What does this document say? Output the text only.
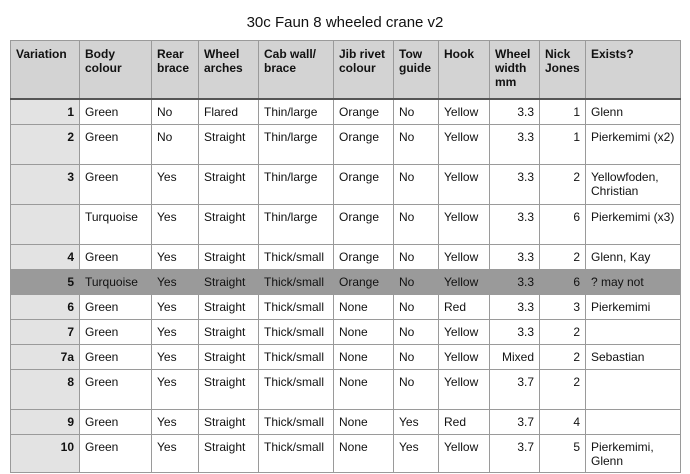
30c Faun 8 wheeled crane v2
Variation	Body colour	Rear brace	Wheel arches	Cab wall/ brace	Jib rivet colour	Tow guide	Hook	Wheel width mm	Nick Jones	Exists?
1	Green	No	Flared	Thin/large	Orange	No	Yellow	3.3	1	Glenn
2	Green	No	Straight	Thin/large	Orange	No	Yellow	3.3	1	Pierkemimi (x2)
3	Green	Yes	Straight	Thin/large	Orange	No	Yellow	3.3	2	Yellowfoden, Christian
	Turquoise	Yes	Straight	Thin/large	Orange	No	Yellow	3.3	6	Pierkemimi (x3)
4	Green	Yes	Straight	Thick/small	Orange	No	Yellow	3.3	2	Glenn, Kay
5	Turquoise	Yes	Straight	Thick/small	Orange	No	Yellow	3.3	6	? may not
6	Green	Yes	Straight	Thick/small	None	No	Red	3.3	3	Pierkemimi
7	Green	Yes	Straight	Thick/small	None	No	Yellow	3.3	2	
7a	Green	Yes	Straight	Thick/small	None	No	Yellow	Mixed	2	Sebastian
8	Green	Yes	Straight	Thick/small	None	No	Yellow	3.7	2	
9	Green	Yes	Straight	Thick/small	None	Yes	Red	3.7	4	
10	Green	Yes	Straight	Thick/small	None	Yes	Yellow	3.7	5	Pierkemimi, Glenn
